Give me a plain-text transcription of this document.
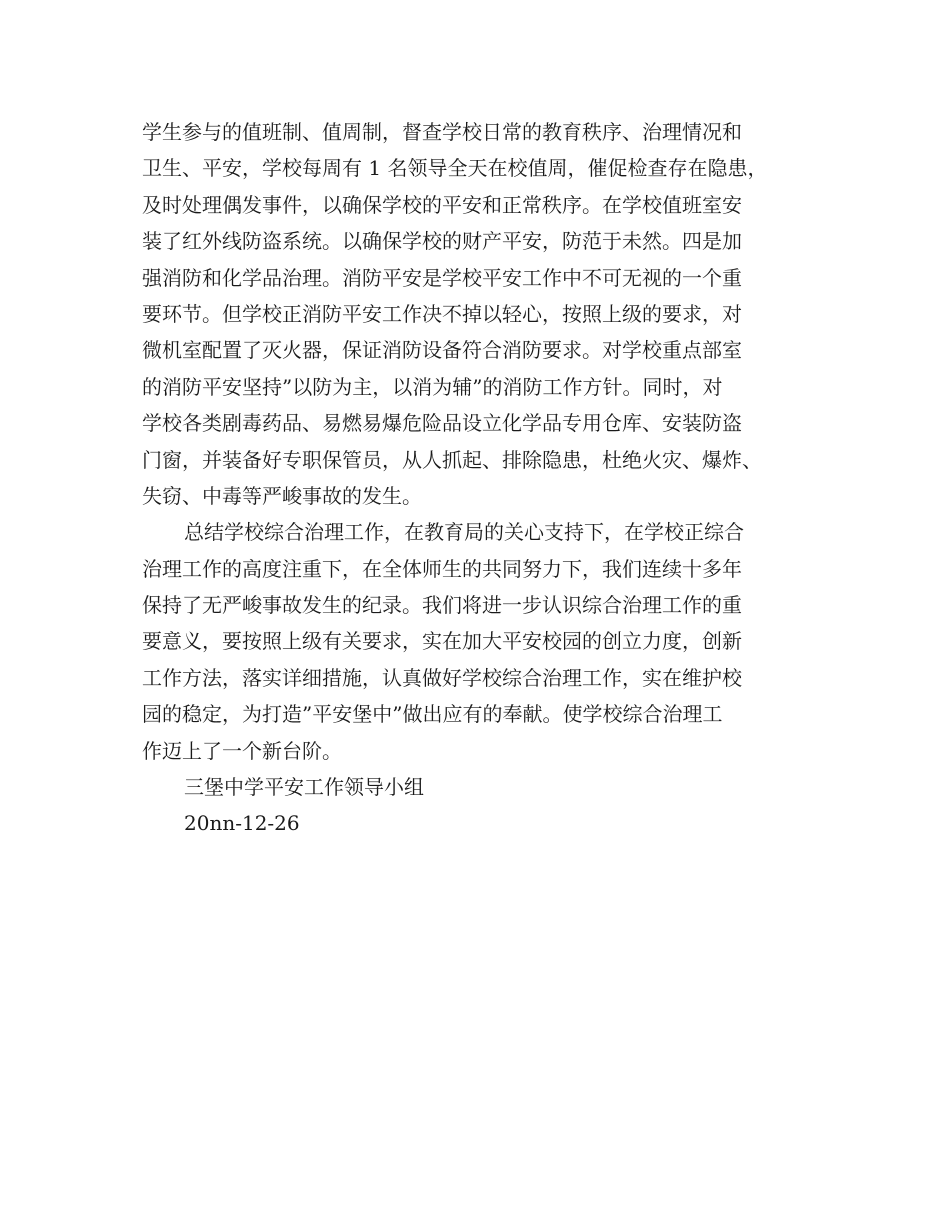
学生参与的值班制、值周制，督查学校日常的教育秩序、治理情况和
卫生、平安，学校每周有 1 名领导全天在校值周，催促检查存在隐患，
及时处理偶发事件，以确保学校的平安和正常秩序。在学校值班室安
装了红外线防盗系统。以确保学校的财产平安，防范于未然。四是加
强消防和化学品治理。消防平安是学校平安工作中不可无视的一个重
要环节。但学校正消防平安工作决不掉以轻心，按照上级的要求，对
微机室配置了灭火器，保证消防设备符合消防要求。对学校重点部室
的消防平安坚持”以防为主，以消为辅”的消防工作方针。同时，对
学校各类剧毒药品、易燃易爆危险品设立化学品专用仓库、安装防盗
门窗，并装备好专职保管员，从人抓起、排除隐患，杜绝火灾、爆炸、
失窃、中毒等严峻事故的发生。
总结学校综合治理工作，在教育局的关心支持下，在学校正综合
治理工作的高度注重下，在全体师生的共同努力下，我们连续十多年
保持了无严峻事故发生的纪录。我们将进一步认识综合治理工作的重
要意义，要按照上级有关要求，实在加大平安校园的创立力度，创新
工作方法，落实详细措施，认真做好学校综合治理工作，实在维护校
园的稳定，为打造”平安堡中”做出应有的奉献。使学校综合治理工
作迈上了一个新台阶。
三堡中学平安工作领导小组
20nn-12-26
